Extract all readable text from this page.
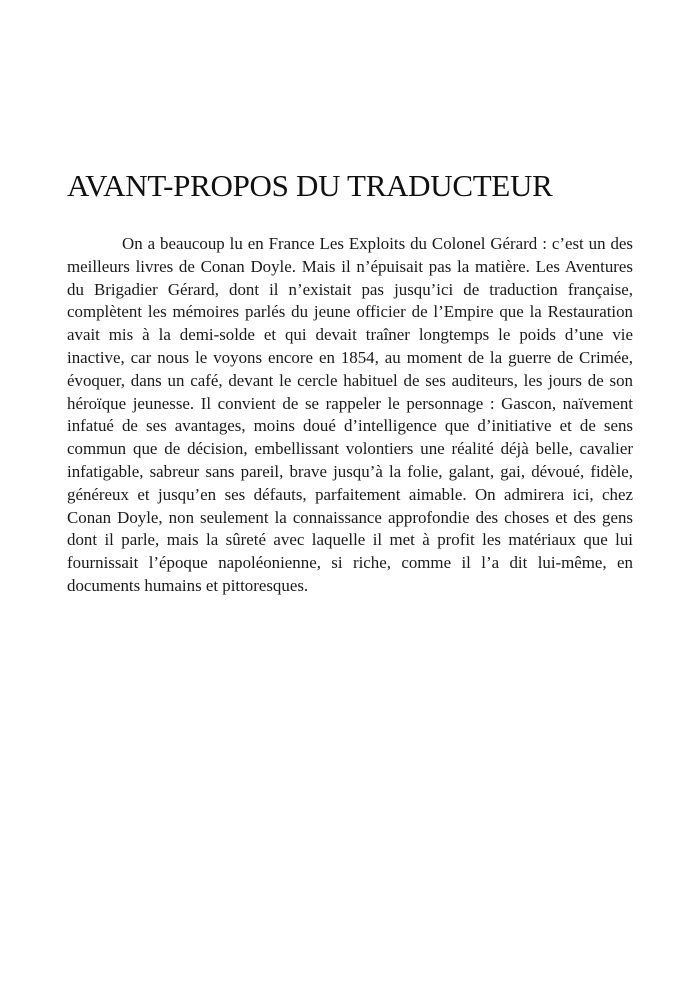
AVANT-PROPOS DU TRADUCTEUR

On a beaucoup lu en France Les Exploits du Colonel Gérard : c’est un des meilleurs livres de Conan Doyle. Mais il n’épuisait pas la matière. Les Aventures du Brigadier Gérard, dont il n’existait pas jusqu’ici de traduction française, complètent les mémoires parlés du jeune officier de l’Empire que la Restauration avait mis à la demi-solde et qui devait traîner longtemps le poids d’une vie inactive, car nous le voyons encore en 1854, au moment de la guerre de Crimée, évoquer, dans un café, devant le cercle habituel de ses auditeurs, les jours de son héroïque jeunesse. Il convient de se rappeler le personnage : Gascon, naïvement infatué de ses avantages, moins doué d’intelligence que d’initiative et de sens commun que de décision, embellissant volontiers une réalité déjà belle, cavalier infatigable, sabreur sans pareil, brave jusqu’à la folie, galant, gai, dévoué, fidèle, généreux et jusqu’en ses défauts, parfaitement aimable. On admirera ici, chez Conan Doyle, non seulement la connaissance approfondie des choses et des gens dont il parle, mais la sûreté avec laquelle il met à profit les matériaux que lui fournissait l’époque napoléonienne, si riche, comme il l’a dit lui-même, en documents humains et pittoresques.
